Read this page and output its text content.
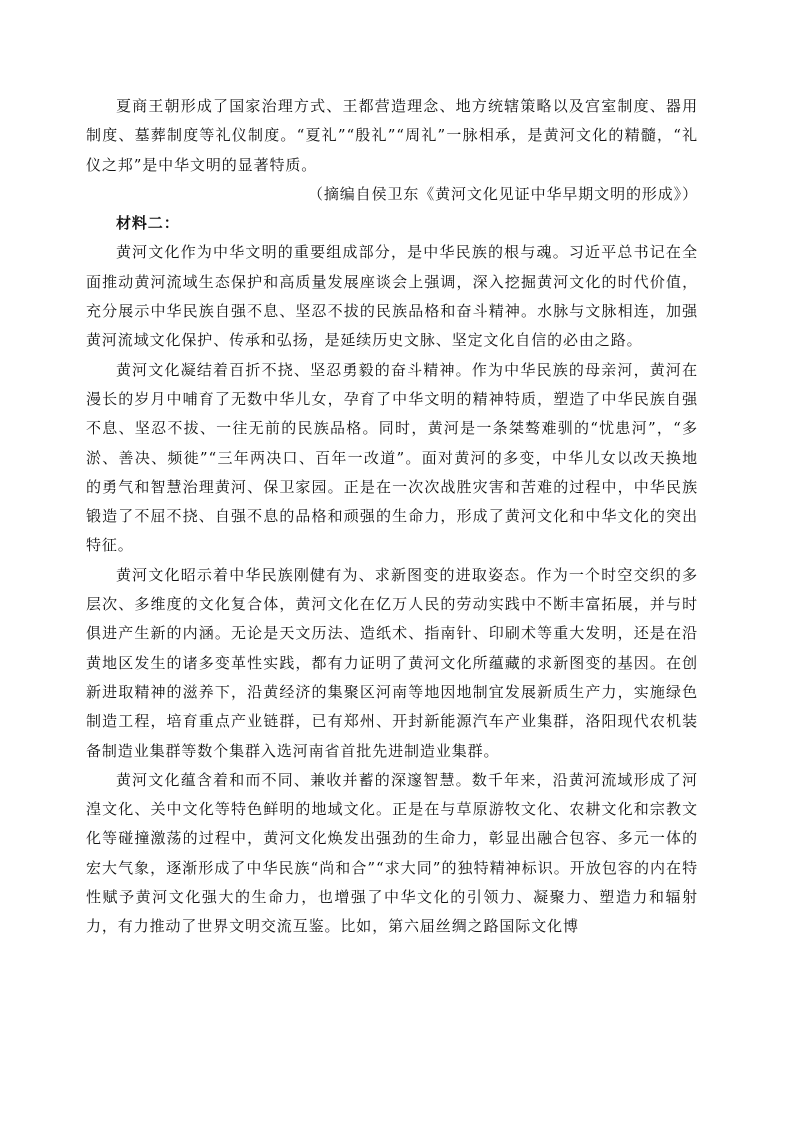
夏商王朝形成了国家治理方式、王都营造理念、地方统辖策略以及宫室制度、器用制度、墓葬制度等礼仪制度。“夏礼”“殷礼”“周礼”一脉相承，是黄河文化的精髓，“礼仪之邦”是中华文明的显著特质。

（摘编自侯卫东《黄河文化见证中华早期文明的形成》）

材料二：

黄河文化作为中华文明的重要组成部分，是中华民族的根与魂。习近平总书记在全面推动黄河流域生态保护和高质量发展座谈会上强调，深入挖掘黄河文化的时代价值，充分展示中华民族自强不息、坚忍不拔的民族品格和奋斗精神。水脉与文脉相连，加强黄河流域文化保护、传承和弘扬，是延续历史文脉、坚定文化自信的必由之路。

黄河文化凝结着百折不挠、坚忍勇毅的奋斗精神。作为中华民族的母亲河，黄河在漫长的岁月中哺育了无数中华儿女，孕育了中华文明的精神特质，塑造了中华民族自强不息、坚忍不拔、一往无前的民族品格。同时，黄河是一条桀骜难驯的“忧患河”，“多淤、善决、频徙”“三年两决口、百年一改道”。面对黄河的多变，中华儿女以改天换地的勇气和智慧治理黄河、保卫家园。正是在一次次战胜灾害和苦难的过程中，中华民族锻造了不屈不挠、自强不息的品格和顽强的生命力，形成了黄河文化和中华文化的突出特征。

黄河文化昭示着中华民族刚健有为、求新图变的进取姿态。作为一个时空交织的多层次、多维度的文化复合体，黄河文化在亿万人民的劳动实践中不断丰富拓展，并与时俱进产生新的内涵。无论是天文历法、造纸术、指南针、印刷术等重大发明，还是在沿黄地区发生的诸多变革性实践，都有力证明了黄河文化所蕴藏的求新图变的基因。在创新进取精神的滋养下，沿黄经济的集聚区河南等地因地制宜发展新质生产力，实施绿色制造工程，培育重点产业链群，已有郑州、开封新能源汽车产业集群，洛阳现代农机装备制造业集群等数个集群入选河南省首批先进制造业集群。

黄河文化蕴含着和而不同、兼收并蓄的深邃智慧。数千年来，沿黄河流域形成了河湟文化、关中文化等特色鲜明的地域文化。正是在与草原游牧文化、农耕文化和宗教文化等碰撞激荡的过程中，黄河文化焕发出强劲的生命力，彰显出融合包容、多元一体的宏大气象，逐渐形成了中华民族“尚和合”“求大同”的独特精神标识。开放包容的内在特性赋予黄河文化强大的生命力，也增强了中华文化的引领力、凝聚力、塑造力和辐射力，有力推动了世界文明交流互鉴。比如，第六届丝绸之路国际文化博
